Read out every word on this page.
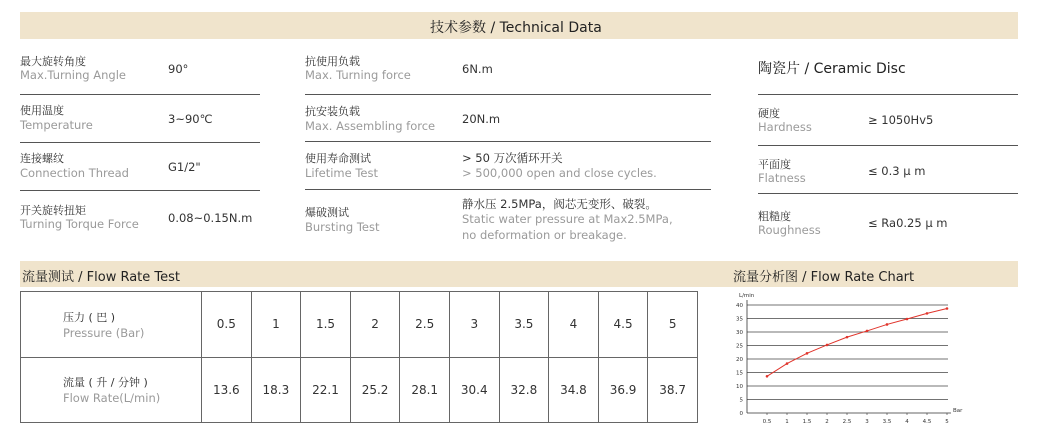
技术参数 / Technical Data
最大旋转角度
Max.Turning Angle	90°
使用温度
Temperature	3~90℃
连接螺纹
Connection Thread	G1/2"
开关旋转扭矩
Turning Torque Force	0.08~0.15N.m
抗使用负载
Max. Turning force	6N.m
抗安装负载
Max. Assembling force 20N.m
使用寿命测试
Lifetime Test
> 50 万次循环开关
> 500,000 open and close cycles.
爆破测试
Bursting Test
静水压 2.5MPa，阀芯无变形、破裂。
Static water pressure at Max2.5MPa,
no deformation or breakage.
陶瓷片 / Ceramic Disc
硬度
Hardness	≥ 1050Hv5
平面度
Flatness	≤ 0.3 μ m
粗糙度
Roughness	≤ Ra0.25 μ m
流量测试 / Flow Rate Test	流量分析图 / Flow Rate Chart
压力 ( 巴 )
Pressure (Bar)	0.5	1	1.5	2	2.5	3	3.5	4	4.5	5

流量 ( 升 / 分钟 )
Flow Rate(L/min)	13.6	18.3	22.1	25.2	28.1	30.4	32.8	34.8	36.9	38.7
0
5
10
15
20
25
30
35
40
0.5	1	1.5	2	2.5	3	3.5	4	4.5	5
L/min
Bar
